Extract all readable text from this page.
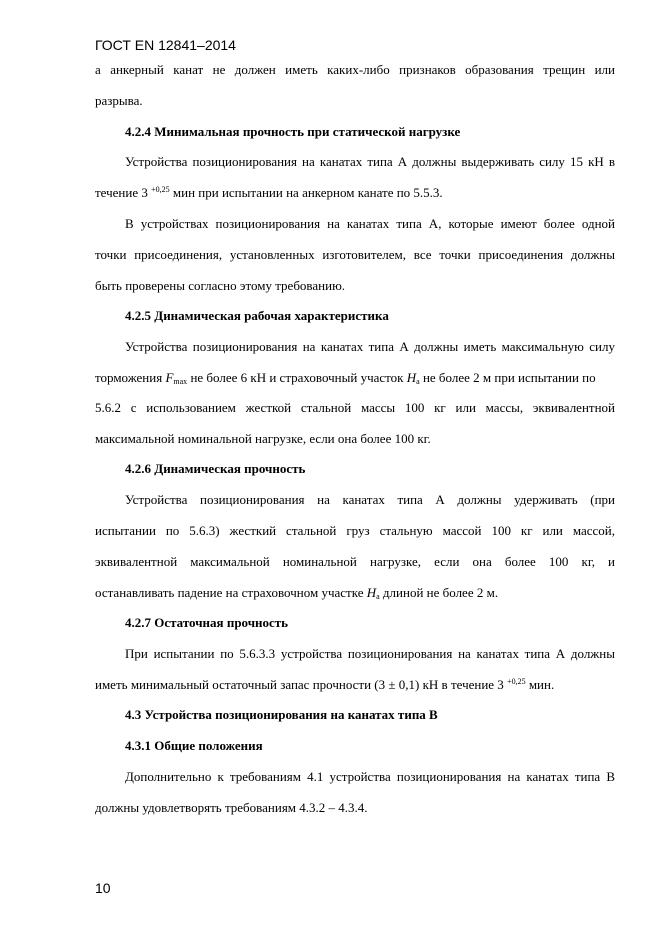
ГОСТ EN 12841–2014
а анкерный канат не должен иметь каких-либо признаков образования трещин или
разрыва.
4.2.4 Минимальная прочность при статической нагрузке
Устройства позиционирования на канатах типа А должны выдерживать силу 15 кН в
течение 3 $^{+0,25}$ мин при испытании на анкерном канате по 5.5.3.
В устройствах позиционирования на канатах типа А, которые имеют более одной
точки присоединения, установленных изготовителем, все точки присоединения должны
быть проверены согласно этому требованию.
4.2.5 Динамическая рабочая характеристика
Устройства позиционирования на канатах типа А должны иметь максимальную силу
торможения $F_{max}$ не более 6 кН и страховочный участок $H_a$ не более 2 м при испытании по
5.6.2 с использованием жесткой стальной массы 100 кг или массы, эквивалентной
максимальной номинальной нагрузке, если она более 100 кг.
4.2.6 Динамическая прочность
Устройства позиционирования на канатах типа А должны удерживать (при
испытании по 5.6.3) жесткий стальной груз стальную массой 100 кг или массой,
эквивалентной максимальной номинальной нагрузке, если она более 100 кг, и
останавливать падение на страховочном участке $H_a$ длиной не более 2 м.
4.2.7 Остаточная прочность
При испытании по 5.6.3.3 устройства позиционирования на канатах типа А должны
иметь минимальный остаточный запас прочности (3 ± 0,1) кН в течение 3 $^{+0,25}$ мин.
4.3 Устройства позиционирования на канатах типа В
4.3.1 Общие положения
Дополнительно к требованиям 4.1 устройства позиционирования на канатах типа В
должны удовлетворять требованиям 4.3.2 – 4.3.4.
10
